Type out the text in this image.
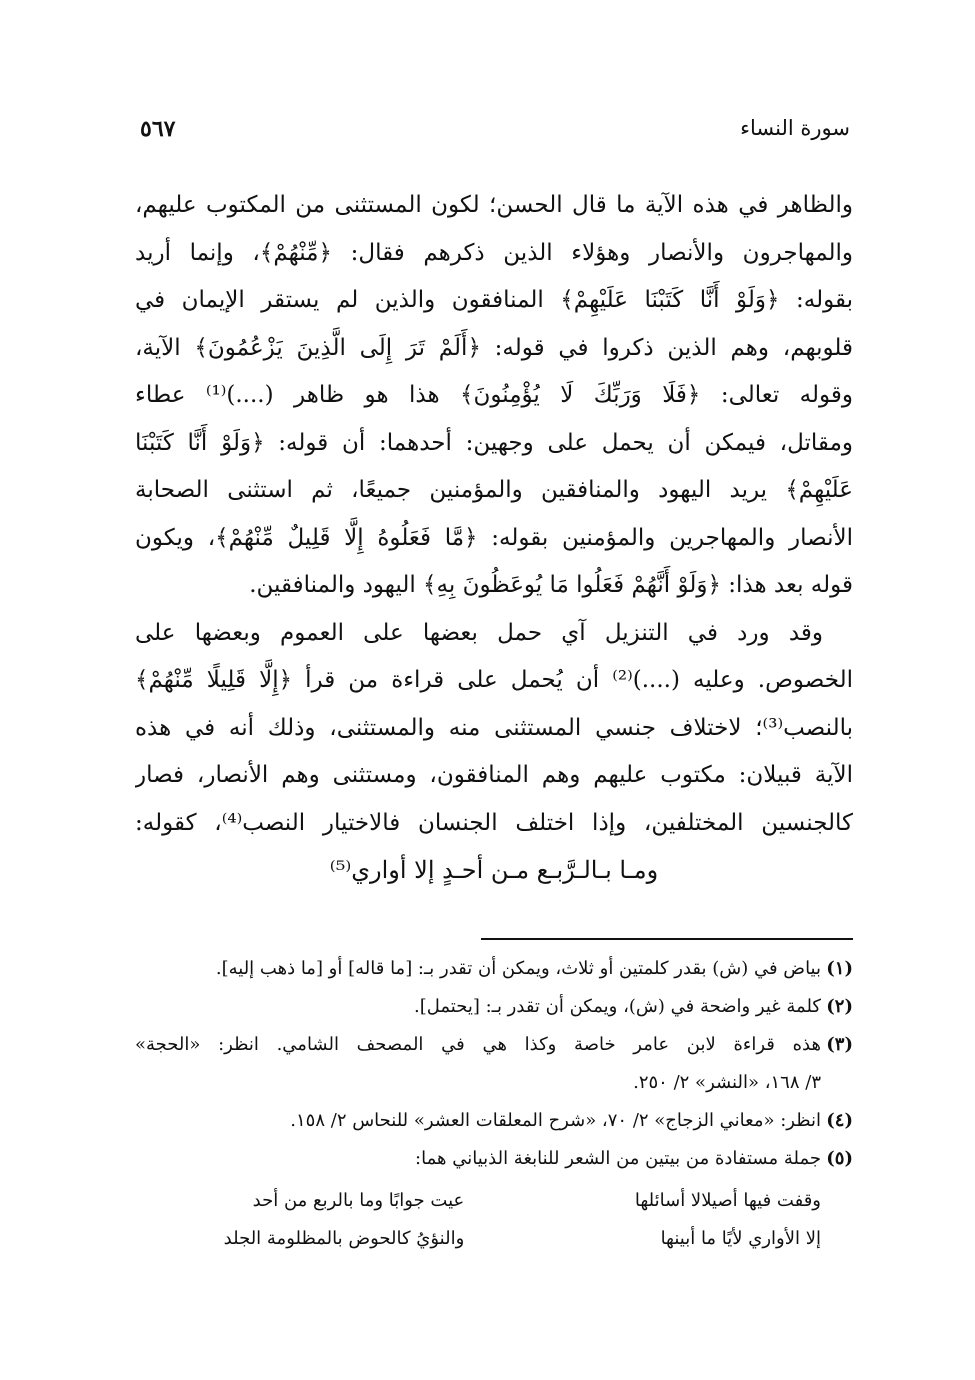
سورة النساء
٥٦٧
والظاهر في هذه الآية ما قال الحسن؛ لكون المستثنى من المكتوب عليهم،
والمهاجرون والأنصار وهؤلاء الذين ذكرهم فقال: ﴿مِّنْهُمْ﴾، وإنما أريد
بقوله: ﴿وَلَوْ أَنَّا كَتَبْنَا عَلَيْهِمْ﴾ المنافقون والذين لم يستقر الإيمان في
قلوبهم، وهم الذين ذكروا في قوله: ﴿أَلَمْ تَرَ إِلَى الَّذِينَ يَزْعُمُونَ﴾ الآية،
وقوله تعالى: ﴿فَلَا وَرَبِّكَ لَا يُؤْمِنُونَ﴾ هذا هو ظاهر (....)⁽¹⁾ عطاء
ومقاتل، فيمكن أن يحمل على وجهين: أحدهما: أن قوله: ﴿وَلَوْ أَنَّا كَتَبْنَا
عَلَيْهِمْ﴾ يريد اليهود والمنافقين والمؤمنين جميعًا، ثم استثنى الصحابة
الأنصار والمهاجرين والمؤمنين بقوله: ﴿مَّا فَعَلُوهُ إِلَّا قَلِيلٌ مِّنْهُمْ﴾، ويكون
قوله بعد هذا: ﴿وَلَوْ أَنَّهُمْ فَعَلُوا مَا يُوعَظُونَ بِهِ﴾ اليهود والمنافقين.
وقد ورد في التنزيل آي حمل بعضها على العموم وبعضها على
الخصوص. وعليه (....)⁽²⁾ أن يُحمل على قراءة من قرأ ﴿إِلَّا قَلِيلًا مِّنْهُمْ﴾
بالنصب⁽³⁾؛ لاختلاف جنسي المستثنى منه والمستثنى، وذلك أنه في هذه
الآية قبيلان: مكتوب عليهم وهم المنافقون، ومستثنى وهم الأنصار، فصار
كالجنسين المختلفين، وإذا اختلف الجنسان فالاختيار النصب⁽⁴⁾، كقوله:
ومـا بـالـرَّبـع مـن أحـدٍ إلا أواري⁽⁵⁾
(١)
بياض في (ش) بقدر كلمتين أو ثلاث، ويمكن أن تقدر بـ: [ما قاله] أو [ما ذهب إليه].
(٢)
كلمة غير واضحة في (ش)، ويمكن أن تقدر بـ: [يحتمل].
(٣)
هذه قراءة لابن عامر خاصة وكذا هي في المصحف الشامي. انظر: «الحجة»
٣/ ١٦٨، «النشر» ٢/ ٢٥٠.
(٤)
انظر: «معاني الزجاج» ٢/ ٧٠، «شرح المعلقات العشر» للنحاس ٢/ ١٥٨.
(٥)
جملة مستفادة من بيتين من الشعر للنابغة الذبياني هما:
وقفت فيها أصيلالا أسائلها
عيت جوابًا وما بالربع من أحد
إلا الأواري لأيًا ما أبينها
والنؤيُ كالحوض بالمظلومة الجلد
